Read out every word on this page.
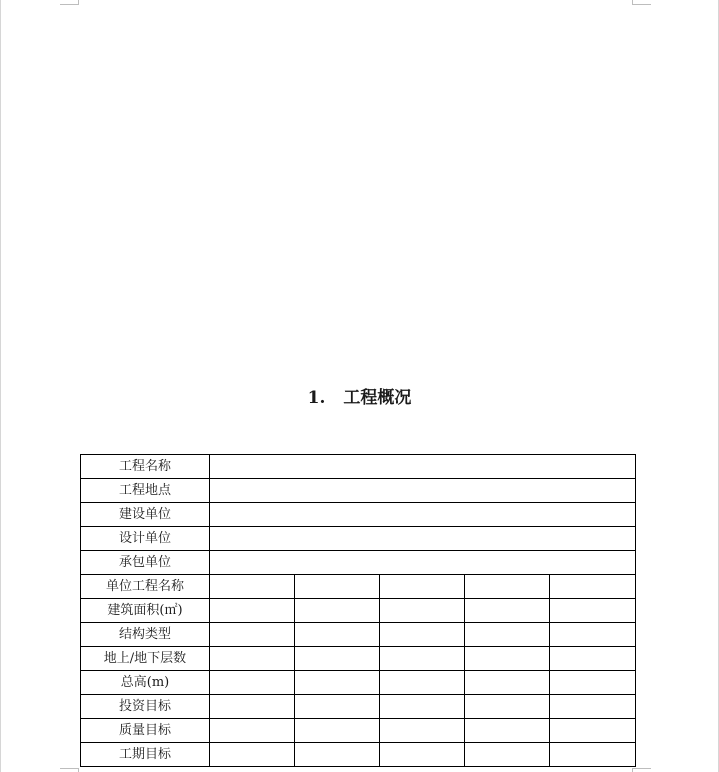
1. 工程概况
工程名称					
工程地点					
建设单位					
设计单位					
承包单位					
单位工程名称					
建筑面积(㎡)					
结构类型					
地上/地下层数					
总高(m)					
投资目标					
质量目标					
工期目标					
